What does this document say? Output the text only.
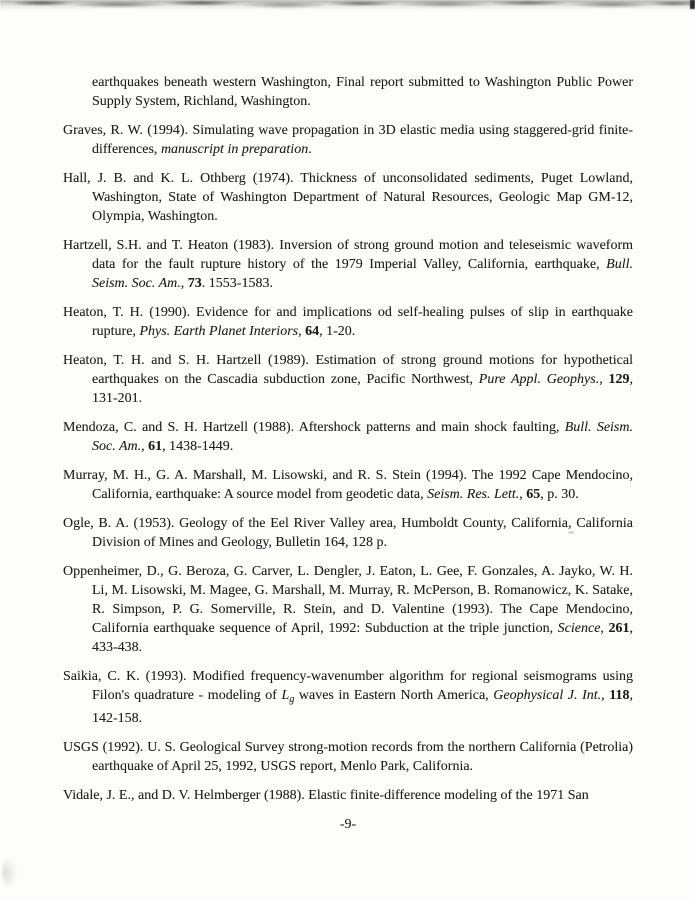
earthquakes beneath western Washington, Final report submitted to Washington Public Power Supply System, Richland, Washington.

Graves, R. W. (1994). Simulating wave propagation in 3D elastic media using staggered-grid finite-differences, manuscript in preparation.

Hall, J. B. and K. L. Othberg (1974). Thickness of unconsolidated sediments, Puget Lowland, Washington, State of Washington Department of Natural Resources, Geologic Map GM-12, Olympia, Washington.

Hartzell, S.H. and T. Heaton (1983). Inversion of strong ground motion and teleseismic waveform data for the fault rupture history of the 1979 Imperial Valley, California, earthquake, Bull. Seism. Soc. Am., 73. 1553-1583.

Heaton, T. H. (1990). Evidence for and implications od self-healing pulses of slip in earthquake rupture, Phys. Earth Planet Interiors, 64, 1-20.

Heaton, T. H. and S. H. Hartzell (1989). Estimation of strong ground motions for hypothetical earthquakes on the Cascadia subduction zone, Pacific Northwest, Pure Appl. Geophys., 129, 131-201.

Mendoza, C. and S. H. Hartzell (1988). Aftershock patterns and main shock faulting, Bull. Seism. Soc. Am., 61, 1438-1449.

Murray, M. H., G. A. Marshall, M. Lisowski, and R. S. Stein (1994). The 1992 Cape Mendocino, California, earthquake: A source model from geodetic data, Seism. Res. Lett., 65, p. 30.

Ogle, B. A. (1953). Geology of the Eel River Valley area, Humboldt County, California, California Division of Mines and Geology, Bulletin 164, 128 p.

Oppenheimer, D., G. Beroza, G. Carver, L. Dengler, J. Eaton, L. Gee, F. Gonzales, A. Jayko, W. H. Li, M. Lisowski, M. Magee, G. Marshall, M. Murray, R. McPerson, B. Romanowicz, K. Satake, R. Simpson, P. G. Somerville, R. Stein, and D. Valentine (1993). The Cape Mendocino, California earthquake sequence of April, 1992: Subduction at the triple junction, Science, 261, 433-438.

Saikia, C. K. (1993). Modified frequency-wavenumber algorithm for regional seismograms using Filon's quadrature - modeling of $L_g$ waves in Eastern North America, Geophysical J. Int., 118, 142-158.

USGS (1992). U. S. Geological Survey strong-motion records from the northern California (Petrolia) earthquake of April 25, 1992, USGS report, Menlo Park, California.

Vidale, J. E., and D. V. Helmberger (1988). Elastic finite-difference modeling of the 1971 San

-9-
